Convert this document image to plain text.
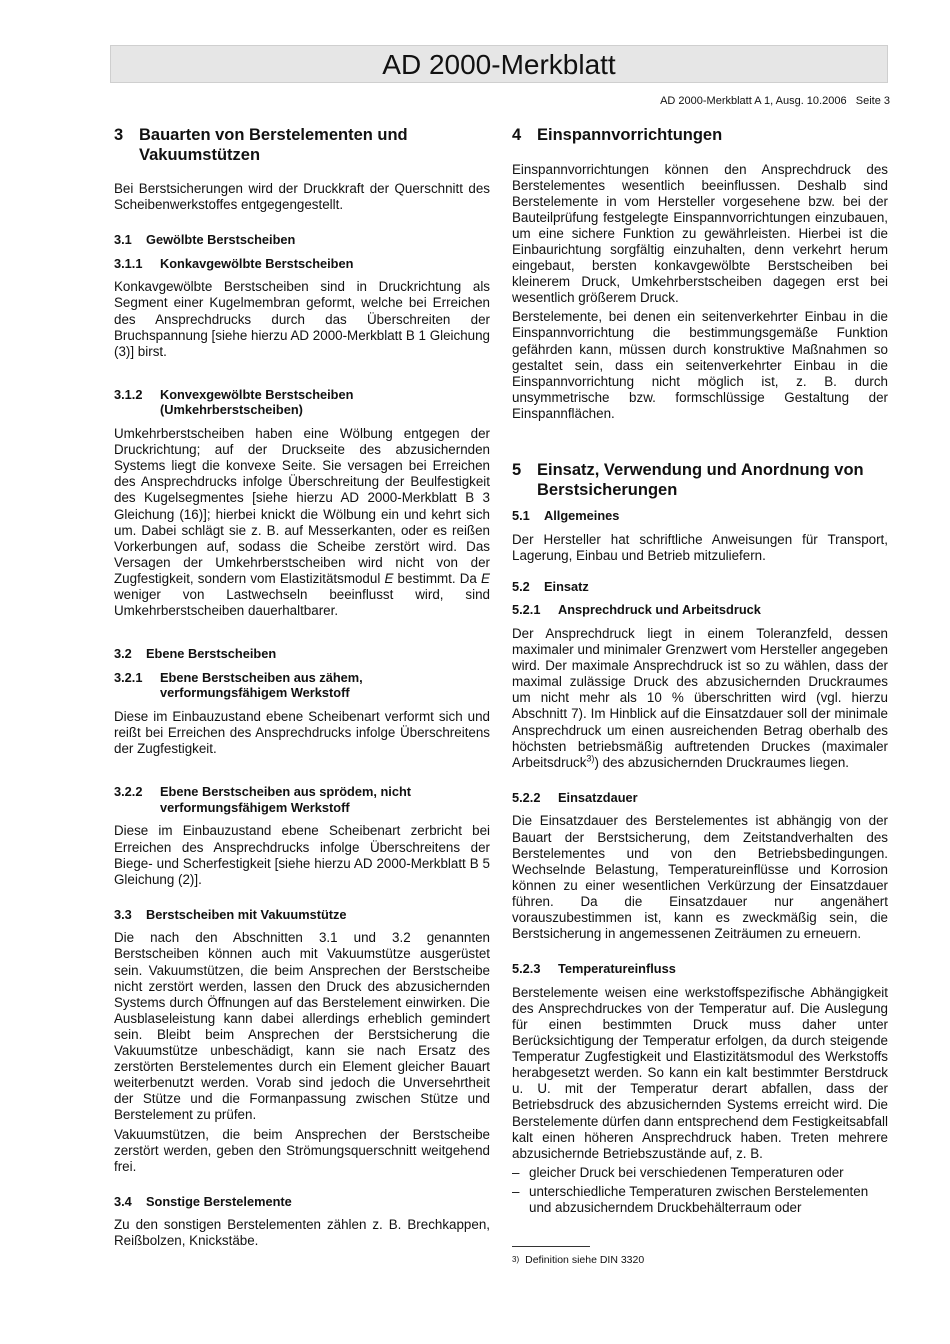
AD 2000-Merkblatt
AD 2000-Merkblatt A 1, Ausg. 10.2006   Seite 3
3 Bauarten von Berstelementen und Vakuumstützen

Bei Berstsicherungen wird der Druckkraft der Querschnitt des Scheibenwerkstoffes entgegengestellt.

3.1	Gewölbte Berstscheiben
3.1.1	Konkavgewölbte Berstscheiben

Konkavgewölbte Berstscheiben sind in Druckrichtung als Segment einer Kugelmembran geformt, welche bei Erreichen des Ansprechdrucks durch das Überschreiten der Bruchspannung [siehe hierzu AD 2000-Merkblatt B 1 Gleichung (3)] birst.

3.1.2	Konvexgewölbte Berstscheiben (Umkehrberstscheiben)

Umkehrberstscheiben haben eine Wölbung entgegen der Druckrichtung; auf der Druckseite des abzusichernden Systems liegt die konvexe Seite. Sie versagen bei Erreichen des Ansprechdrucks infolge Überschreitung der Beulfestigkeit des Kugelsegmentes [siehe hierzu AD 2000-Merkblatt B 3 Gleichung (16)]; hierbei knickt die Wölbung ein und kehrt sich um. Dabei schlägt sie z. B. auf Messerkanten, oder es reißen Vorkerbungen auf, sodass die Scheibe zerstört wird. Das Versagen der Umkehrberstscheiben wird nicht von der Zugfestigkeit, sondern vom Elastizitätsmodul E bestimmt. Da E weniger von Lastwechseln beeinflusst wird, sind Umkehrberstscheiben dauerhaltbarer.

3.2	Ebene Berstscheiben
3.2.1	Ebene Berstscheiben aus zähem, verformungsfähigem Werkstoff

Diese im Einbauzustand ebene Scheibenart verformt sich und reißt bei Erreichen des Ansprechdrucks infolge Überschreitens der Zugfestigkeit.

3.2.2	Ebene Berstscheiben aus sprödem, nicht verformungsfähigem Werkstoff

Diese im Einbauzustand ebene Scheibenart zerbricht bei Erreichen des Ansprechdrucks infolge Überschreitens der Biege- und Scherfestigkeit [siehe hierzu AD 2000-Merkblatt B 5 Gleichung (2)].

3.3	Berstscheiben mit Vakuumstütze

Die nach den Abschnitten 3.1 und 3.2 genannten Berstscheiben können auch mit Vakuumstütze ausgerüstet sein. Vakuumstützen, die beim Ansprechen der Berstscheibe nicht zerstört werden, lassen den Druck des abzusichernden Systems durch Öffnungen auf das Berstelement einwirken. Die Ausblaseleistung kann dabei allerdings erheblich gemindert sein. Bleibt beim Ansprechen der Berstsicherung die Vakuumstütze unbeschädigt, kann sie nach Ersatz des zerstörten Berstelementes durch ein Element gleicher Bauart weiterbenutzt werden. Vorab sind jedoch die Unversehrtheit der Stütze und die Formanpassung zwischen Stütze und Berstelement zu prüfen.

Vakuumstützen, die beim Ansprechen der Berstscheibe zerstört werden, geben den Strömungsquerschnitt weitgehend frei.

3.4	Sonstige Berstelemente

Zu den sonstigen Berstelementen zählen z. B. Brechkappen, Reißbolzen, Knickstäbe.

4 Einspannvorrichtungen

Einspannvorrichtungen können den Ansprechdruck des Berstelementes wesentlich beeinflussen. Deshalb sind Berstelemente in vom Hersteller vorgesehene bzw. bei der Bauteilprüfung festgelegte Einspannvorrichtungen einzubauen, um eine sichere Funktion zu gewährleisten. Hierbei ist die Einbaurichtung sorgfältig einzuhalten, denn verkehrt herum eingebaut, bersten konkavgewölbte Berstscheiben bei kleinerem Druck, Umkehrberstscheiben dagegen erst bei wesentlich größerem Druck.

Berstelemente, bei denen ein seitenverkehrter Einbau in die Einspannvorrichtung die bestimmungsgemäße Funktion gefährden kann, müssen durch konstruktive Maßnahmen so gestaltet sein, dass ein seitenverkehrter Einbau in die Einspannvorrichtung nicht möglich ist, z. B. durch unsymmetrische bzw. formschlüssige Gestaltung der Einspannflächen.

5 Einsatz, Verwendung und Anordnung von Berstsicherungen
5.1	Allgemeines

Der Hersteller hat schriftliche Anweisungen für Transport, Lagerung, Einbau und Betrieb mitzuliefern.

5.2	Einsatz
5.2.1	Ansprechdruck und Arbeitsdruck

Der Ansprechdruck liegt in einem Toleranzfeld, dessen maximaler und minimaler Grenzwert vom Hersteller angegeben wird. Der maximale Ansprechdruck ist so zu wählen, dass der maximal zulässige Druck des abzusichernden Druckraumes um nicht mehr als 10 % überschritten wird (vgl. hierzu Abschnitt 7). Im Hinblick auf die Einsatzdauer soll der minimale Ansprechdruck um einen ausreichenden Betrag oberhalb des höchsten betriebsmäßig auftretenden Druckes (maximaler Arbeitsdruck$^{3)}$) des abzusichernden Druckraumes liegen.

5.2.2	Einsatzdauer

Die Einsatzdauer des Berstelementes ist abhängig von der Bauart der Berstsicherung, dem Zeitstandverhalten des Berstelementes und von den Betriebsbedingungen. Wechselnde Belastung, Temperatureinflüsse und Korrosion können zu einer wesentlichen Verkürzung der Einsatzdauer führen. Da die Einsatzdauer nur angenähert vorauszubestimmen ist, kann es zweckmäßig sein, die Berstsicherung in angemessenen Zeiträumen zu erneuern.

5.2.3	Temperatureinfluss

Berstelemente weisen eine werkstoffspezifische Abhängigkeit des Ansprechdruckes von der Temperatur auf. Die Auslegung für einen bestimmten Druck muss daher unter Berücksichtigung der Temperatur erfolgen, da durch steigende Temperatur Zugfestigkeit und Elastizitätsmodul des Werkstoffs herabgesetzt werden. So kann ein kalt bestimmter Berstdruck u. U. mit der Temperatur derart abfallen, dass der Betriebsdruck des abzusichernden Systems erreicht wird. Die Berstelemente dürfen dann entsprechend dem Festigkeitsabfall kalt einen höheren Ansprechdruck haben. Treten mehrere abzusichernde Betriebszustände auf, z. B.

– gleicher Druck bei verschiedenen Temperaturen oder
– unterschiedliche Temperaturen zwischen Berstelementen und abzusicherndem Druckbehälterraum oder
$^{3)}$ Definition siehe DIN 3320
